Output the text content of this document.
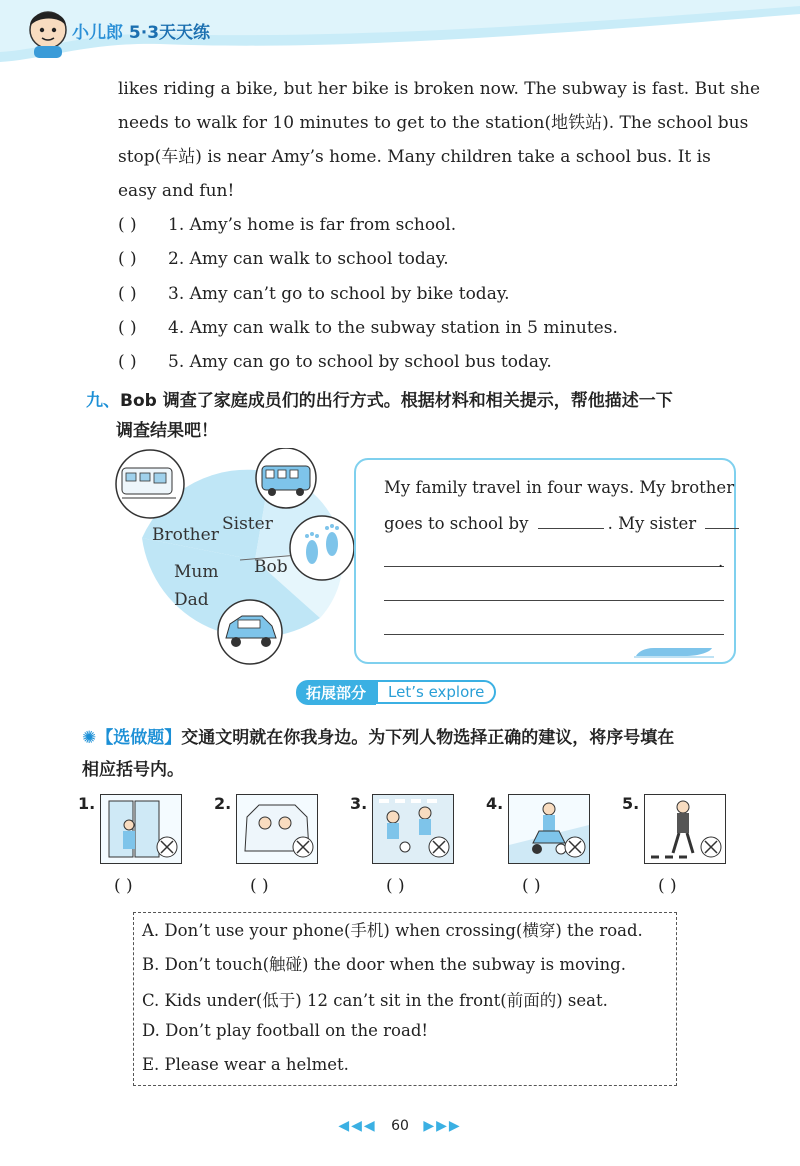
小儿郎 5·3天天练
likes riding a bike, but her bike is broken now. The subway is fast. But she
needs to walk for 10 minutes to get to the station(地铁站). The school bus
stop(车站) is near Amy’s home. Many children take a school bus. It is
easy and fun!
( ) 1. Amy’s home is far from school.
( ) 2. Amy can walk to school today.
( ) 3. Amy can’t go to school by bike today.
( ) 4. Amy can walk to the subway station in 5 minutes.
( ) 5. Amy can go to school by school bus today.
九、Bob 调查了家庭成员们的出行方式。根据材料和相关提示，帮他描述一下
调查结果吧！
Brother
Sister
Bob
Mum
Dad
My family travel in four ways. My brother
goes to school by	. My sister
.
拓展部分	Let’s explore
✺【选做题】交通文明就在你我身边。为下列人物选择正确的建议，将序号填在
相应括号内。
1.
( )
2.
( )
3.
( )
4.
( )
5.
( )
A. Don’t use your phone(手机) when crossing(横穿) the road.
B. Don’t touch(触碰) the door when the subway is moving.
C. Kids under(低于) 12 can’t sit in the front(前面的) seat.
D. Don’t play football on the road!
E. Please wear a helmet.
◀◀◀ 60 ▶▶▶
